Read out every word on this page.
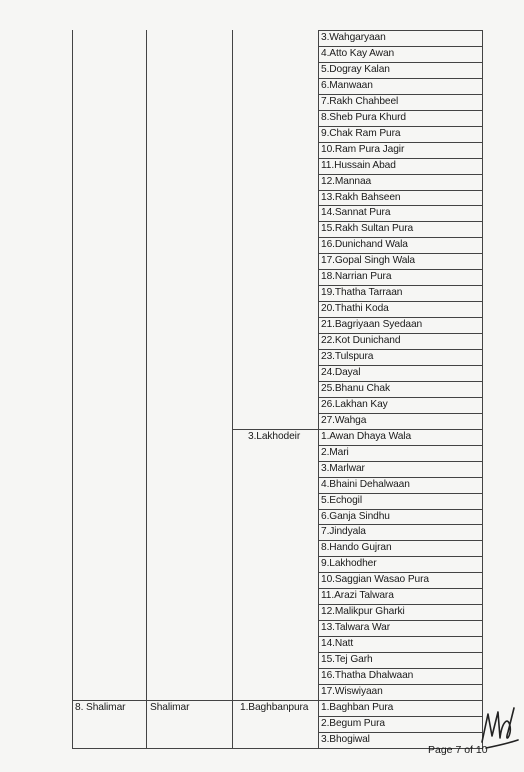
3.Wahgaryaan
4.Atto Kay Awan
5.Dogray Kalan
6.Manwaan
7.Rakh Chahbeel
8.Sheb Pura Khurd
9.Chak Ram Pura
10.Ram Pura Jagir
11.Hussain Abad
12.Mannaa
13.Rakh Bahseen
14.Sannat Pura
15.Rakh Sultan Pura
16.Dunichand Wala
17.Gopal Singh Wala
18.Narrian Pura
19.Thatha Tarraan
20.Thathi Koda
21.Bagriyaan Syedaan
22.Kot Dunichand
23.Tulspura
24.Dayal
25.Bhanu Chak
26.Lakhan Kay
27.Wahga
1.Awan Dhaya Wala
2.Mari
3.Marlwar
4.Bhaini Dehalwaan
5.Echogil
6.Ganja Sindhu
7.Jindyala
8.Hando Gujran
9.Lakhodher
10.Saggian Wasao Pura
11.Arazi Talwara
12.Malikpur Gharki
13.Talwara War
14.Natt
15.Tej Garh
16.Thatha Dhalwaan
17.Wiswiyaan
1.Baghban Pura
2.Begum Pura
3.Bhogiwal
3.Lakhodeir
8. Shalimar Shalimar	1.Baghbanpura
Page 7 of 10
